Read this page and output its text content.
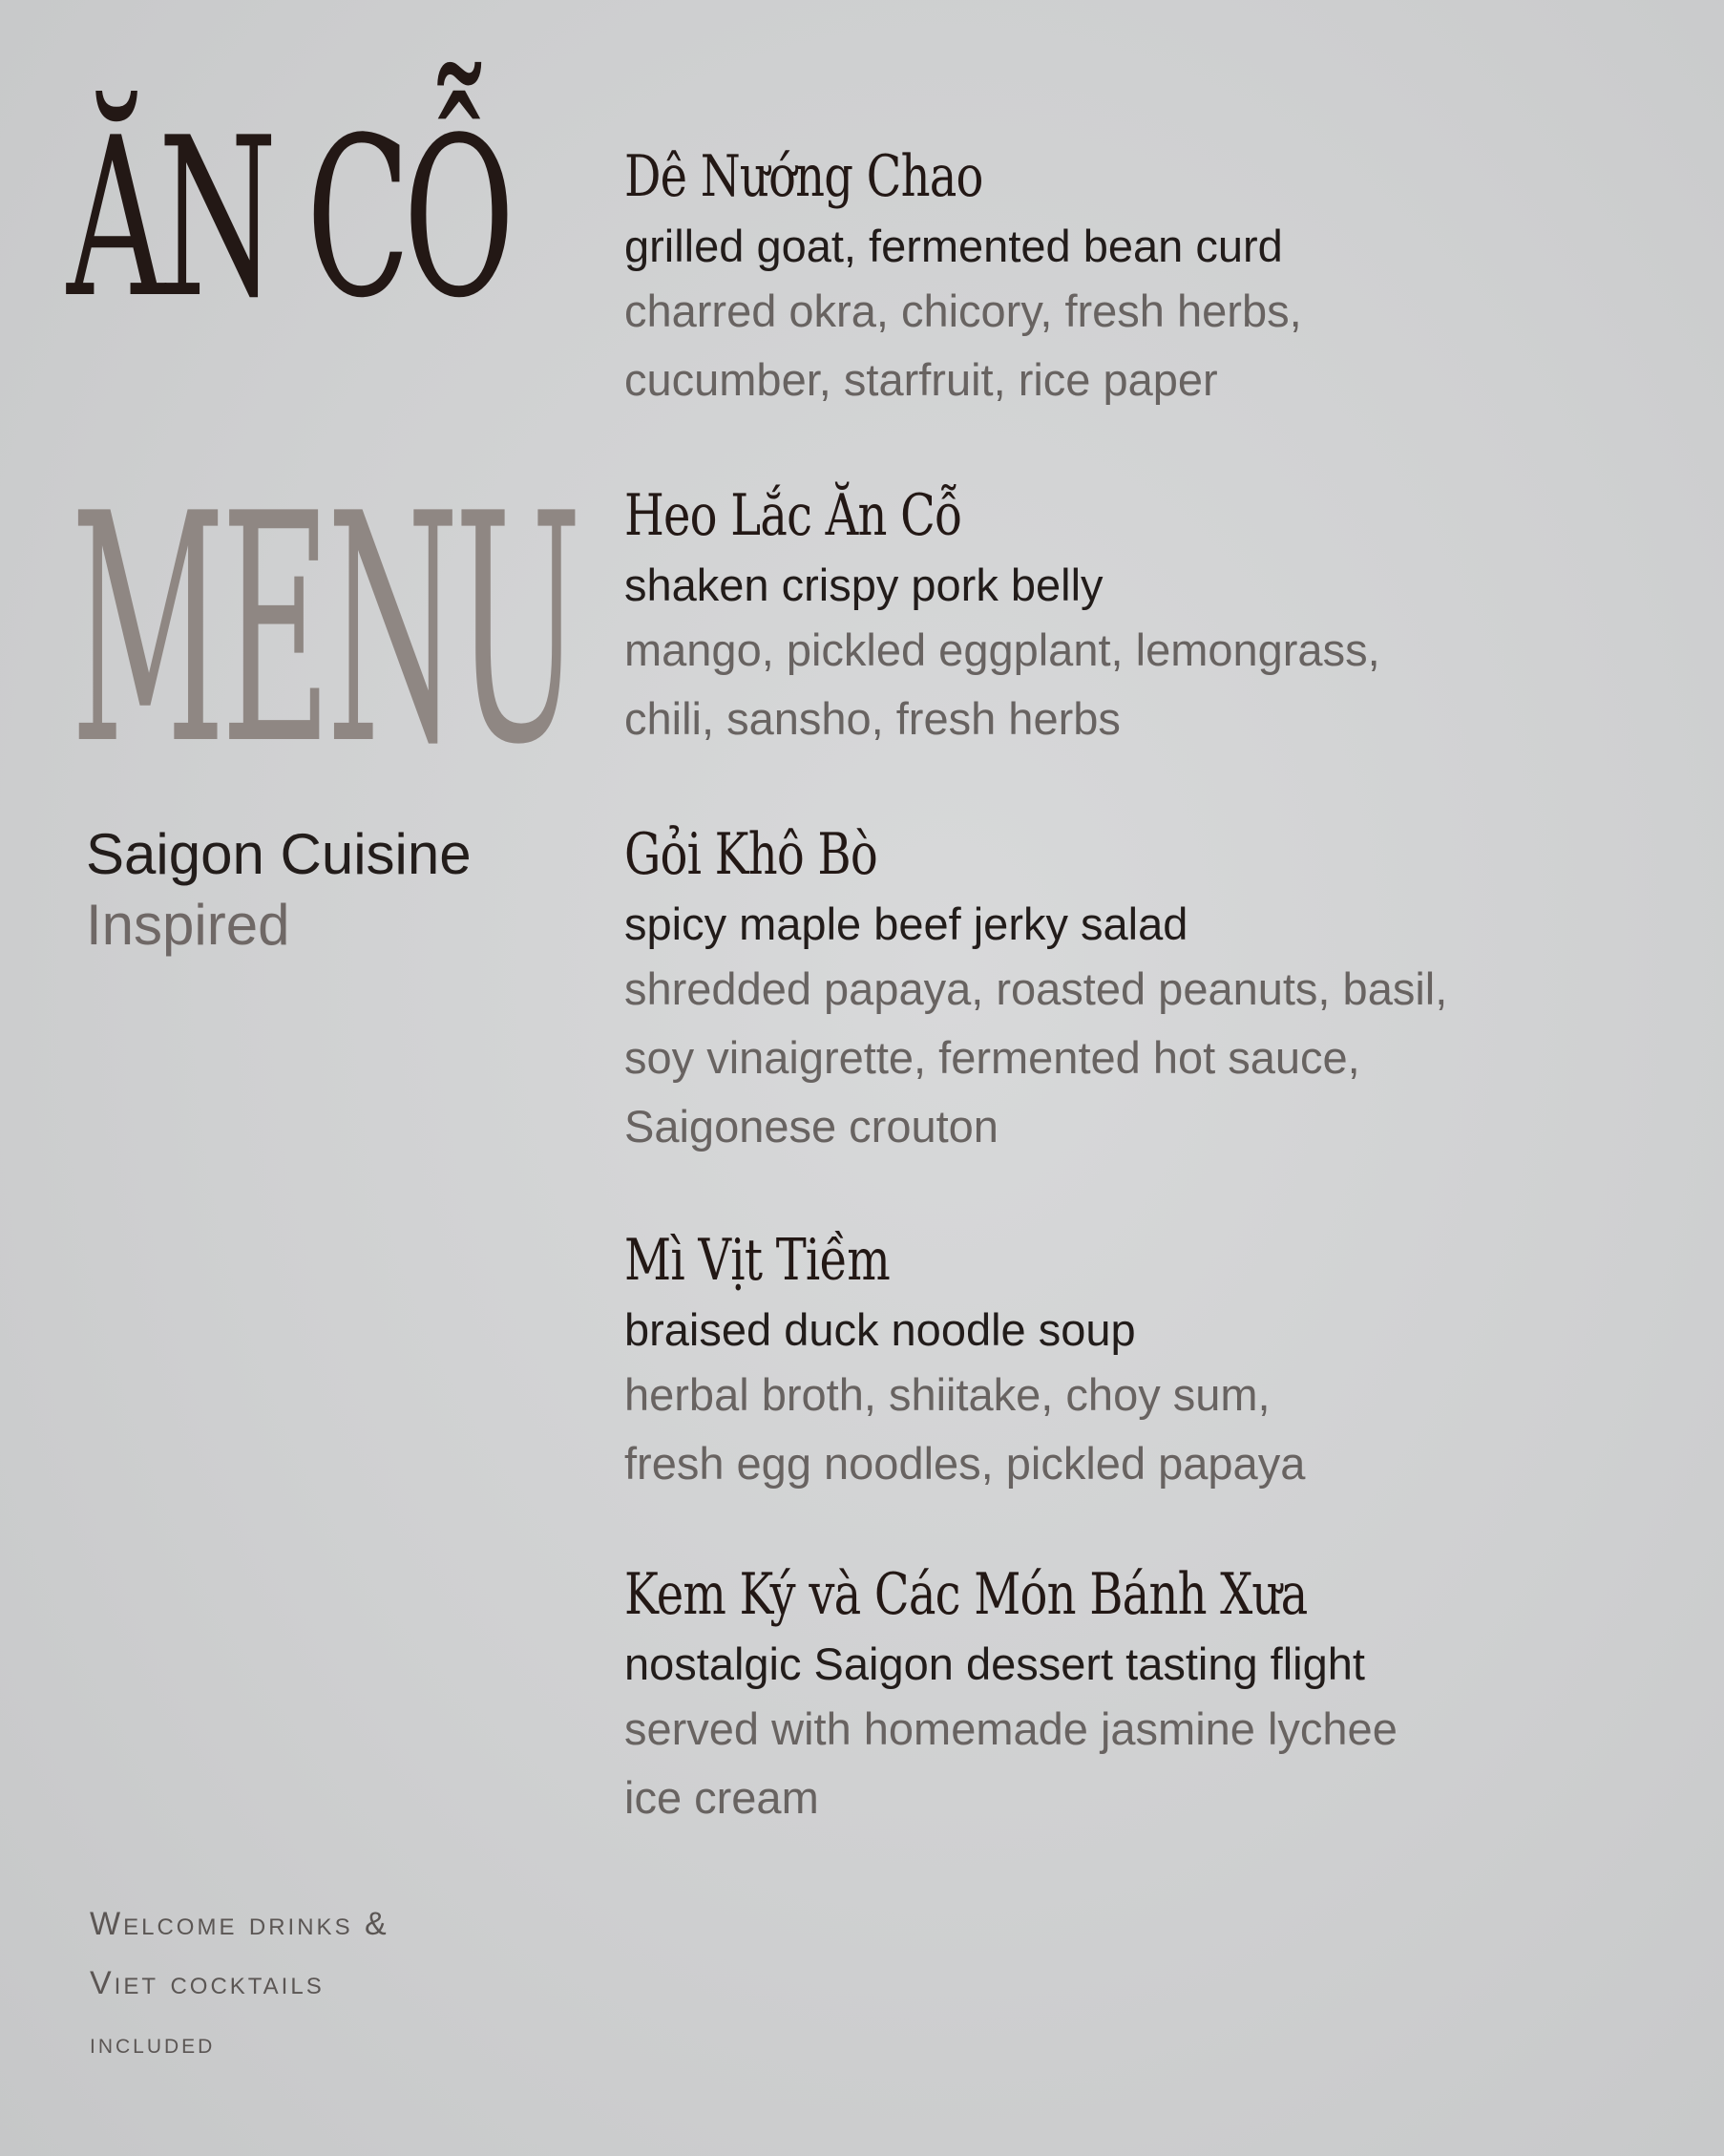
ĂN CỖ
MENU
Saigon Cuisine
Inspired
Dê Nướng Chao
grilled goat, fermented bean curd
charred okra, chicory, fresh herbs,
cucumber, starfruit, rice paper
Heo Lắc Ăn Cỗ
shaken crispy pork belly
mango, pickled eggplant, lemongrass,
chili, sansho, fresh herbs
Gỏi Khô Bò
spicy maple beef jerky salad
shredded papaya, roasted peanuts, basil,
soy vinaigrette, fermented hot sauce,
Saigonese crouton
Mì Vịt Tiềm
braised duck noodle soup
herbal broth, shiitake, choy sum,
fresh egg noodles, pickled papaya
Kem Ký và Các Món Bánh Xưa
nostalgic Saigon dessert tasting flight
served with homemade jasmine lychee
ice cream
Welcome drinks &
Viet cocktails
included
